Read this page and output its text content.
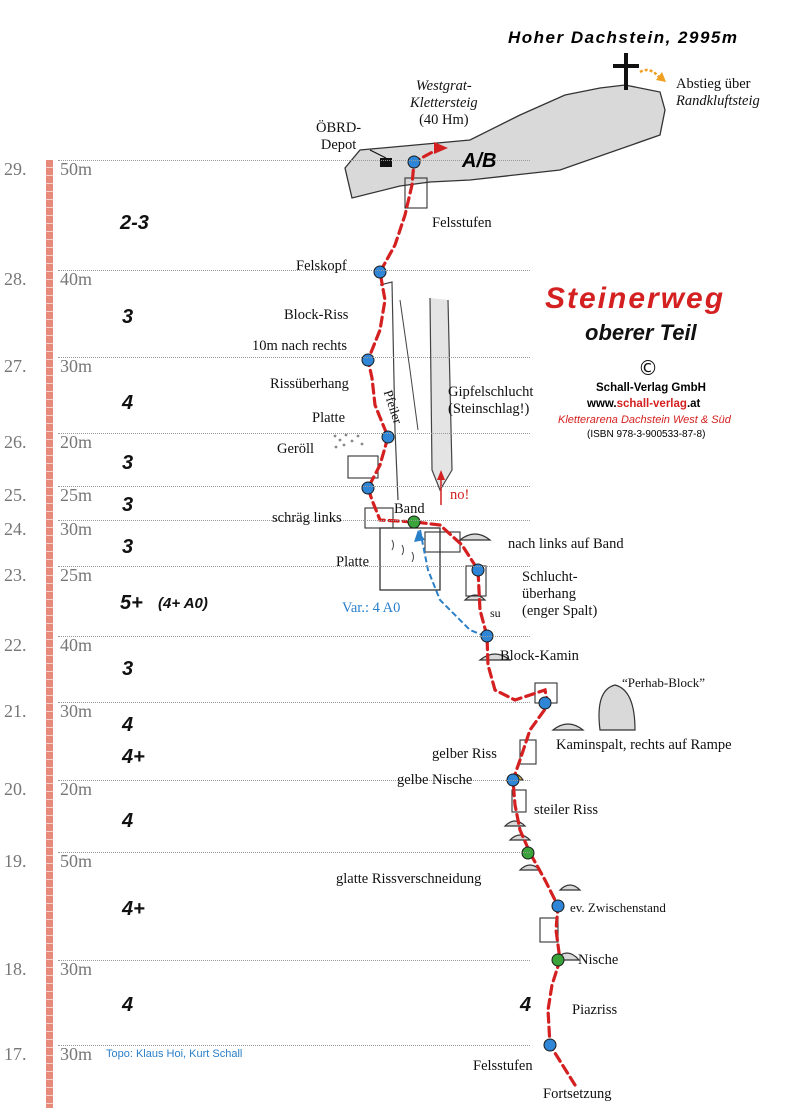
Hoher Dachstein, 2995m
Steinerweg
oberer Teil
©
Schall-Verlag GmbH
www.schall-verlag.at
Kletterarena Dachstein West & Süd
(ISBN 978-3-900533-87-8)
29. 50m
28. 40m
27. 30m
26. 20m
25. 25m
24. 30m
23. 25m
22. 40m
21. 30m
20. 20m
19. 50m
18. 30m
17. 30m
2-3
3
4
3
3
3
5+ (4+ A0)
3
4
4+
4
4+
4
Topo: Klaus Hoi, Kurt Schall
Westgrat-
Klettersteig
(40 Hm)
Abstieg über
Randkluftsteig
ÖBRD-
Depot
A/B
Felsstufen
Felskopf
Block-Riss
10m nach rechts
Rissüberhang
Platte	Pfeiler
Geröll
Gipfelschlucht
(Steinschlag!)
no!
schräg links
Band
nach links auf Band
Platte
Schlucht-
überhang
(enger Spalt)
Var.: 4 A0	su
Block-Kamin
“Perhab-Block”
Kaminspalt, rechts auf Rampe
gelber Riss
gelbe Nische
steiler Riss
glatte Rissverschneidung
ev. Zwischenstand
Nische
Piazriss
4
Felsstufen
Fortsetzung
